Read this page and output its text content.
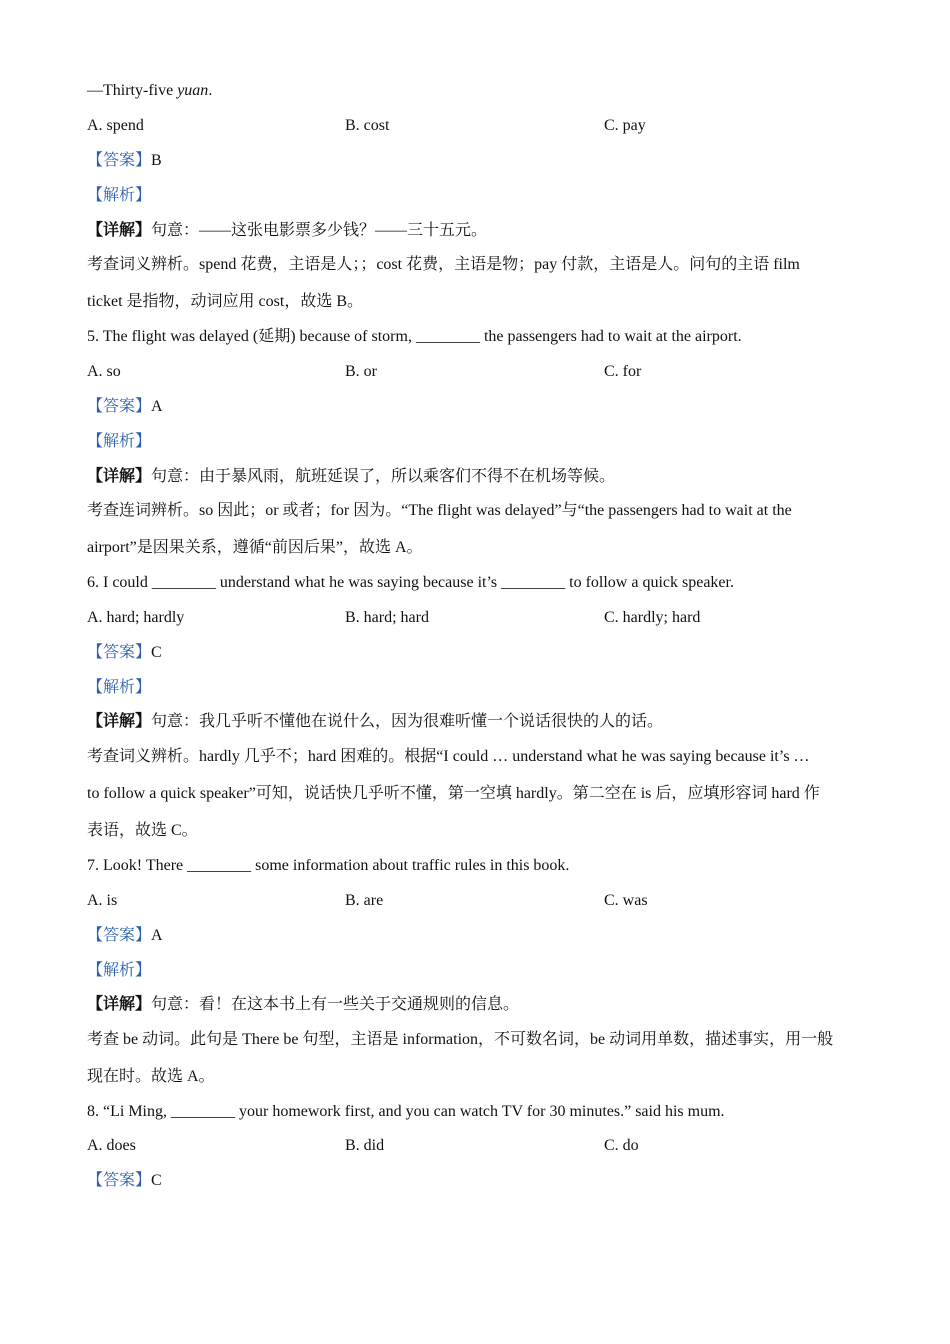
—Thirty-five yuan.
A. spend	B. cost	C. pay
【答案】B
【解析】
【详解】句意：——这张电影票多少钱？——三十五元。
考查词义辨析。spend 花费，主语是人；；cost 花费，主语是物；pay 付款，主语是人。问句的主语 film
ticket 是指物，动词应用 cost，故选 B。
5. The flight was delayed (延期) because of storm, ________ the passengers had to wait at the airport.
A. so	B. or	C. for
【答案】A
【解析】
【详解】句意：由于暴风雨，航班延误了，所以乘客们不得不在机场等候。
考查连词辨析。so 因此；or 或者；for 因为。“The flight was delayed”与“the passengers had to wait at the
airport”是因果关系，遵循“前因后果”，故选 A。
6. I could ________ understand what he was saying because it’s ________ to follow a quick speaker.
A. hard; hardly	B. hard; hard	C. hardly; hard
【答案】C
【解析】
【详解】句意：我几乎听不懂他在说什么，因为很难听懂一个说话很快的人的话。
考查词义辨析。hardly 几乎不；hard 困难的。根据“I could … understand what he was saying because it’s …
to follow a quick speaker”可知，说话快几乎听不懂，第一空填 hardly。第二空在 is 后，应填形容词 hard 作
表语，故选 C。
7. Look! There ________ some information about traffic rules in this book.
A. is	B. are	C. was
【答案】A
【解析】
【详解】句意：看！在这本书上有一些关于交通规则的信息。
考查 be 动词。此句是 There be 句型，主语是 information，不可数名词，be 动词用单数，描述事实，用一般
现在时。故选 A。
8. “Li Ming, ________ your homework first, and you can watch TV for 30 minutes.” said his mum.
A. does	B. did	C. do
【答案】C
